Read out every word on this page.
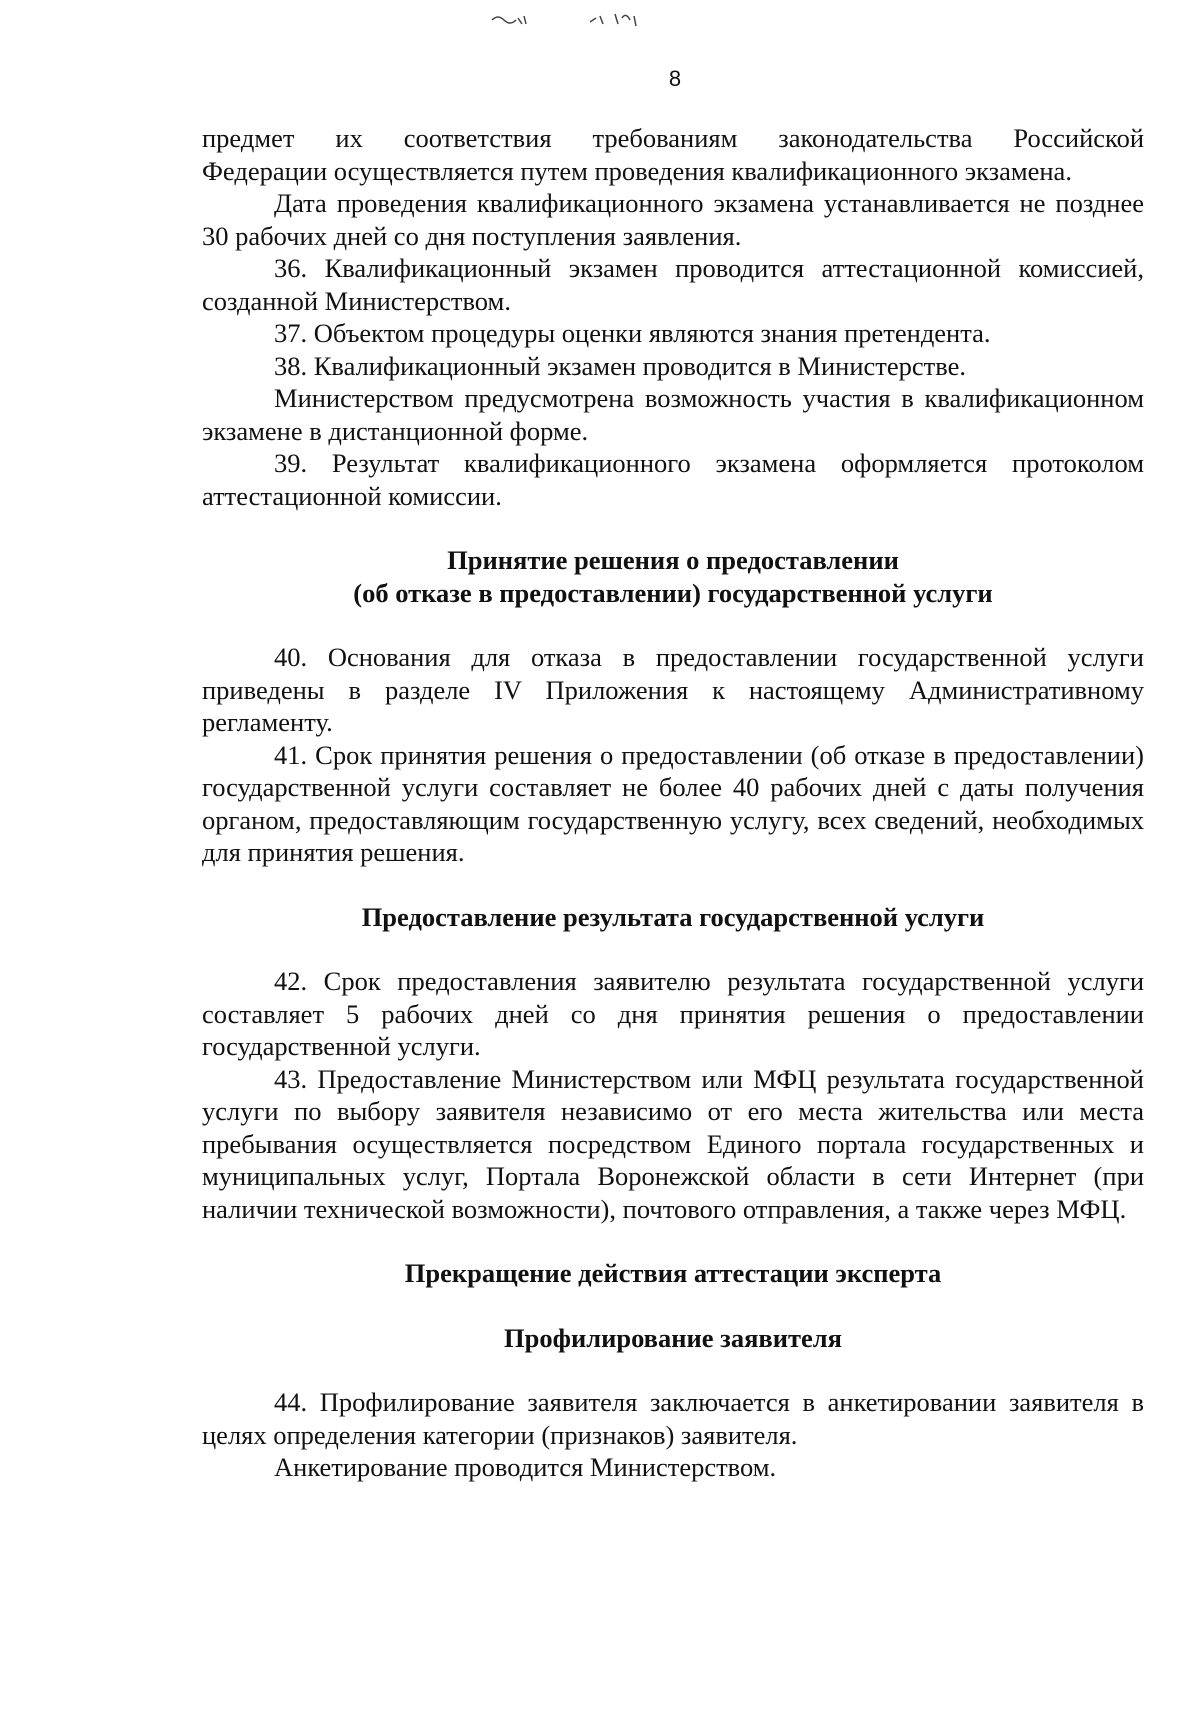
8

предмет их соответствия требованиям законодательства Российской

Федерации осуществляется путем проведения квалификационного экзамена.

Дата проведения квалификационного экзамена устанавливается не позднее 30 рабочих дней со дня поступления заявления.

36. Квалификационный экзамен проводится аттестационной комиссией, созданной Министерством.

37. Объектом процедуры оценки являются знания претендента.

38. Квалификационный экзамен проводится в Министерстве.

Министерством предусмотрена возможность участия в квалификационном экзамене в дистанционной форме.

39. Результат квалификационного экзамена оформляется протоколом аттестационной комиссии.

Принятие решения о предоставлении

(об отказе в предоставлении) государственной услуги

40. Основания для отказа в предоставлении государственной услуги приведены в разделе IV Приложения к настоящему Административному регламенту.

41. Срок принятия решения о предоставлении (об отказе в предоставлении) государственной услуги составляет не более 40 рабочих дней с даты получения органом, предоставляющим государственную услугу, всех сведений, необходимых для принятия решения.

Предоставление результата государственной услуги

42. Срок предоставления заявителю результата государственной услуги составляет 5 рабочих дней со дня принятия решения о предоставлении государственной услуги.

43. Предоставление Министерством или МФЦ результата государственной услуги по выбору заявителя независимо от его места жительства или места пребывания осуществляется посредством Единого портала государственных и муниципальных услуг, Портала Воронежской области в сети Интернет (при наличии технической возможности), почтового отправления, а также через МФЦ.

Прекращение действия аттестации эксперта

Профилирование заявителя

44. Профилирование заявителя заключается в анкетировании заявителя в целях определения категории (признаков) заявителя.

Анкетирование проводится Министерством.
